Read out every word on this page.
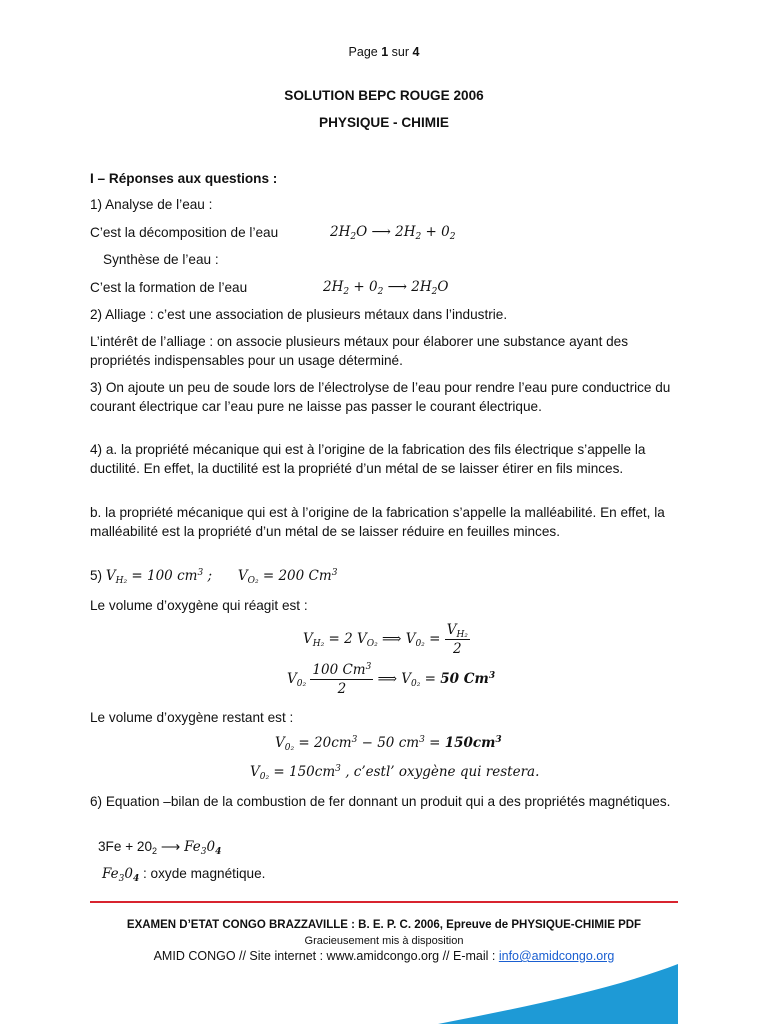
Page 1 sur 4
SOLUTION BEPC ROUGE 2006
PHYSIQUE - CHIMIE
I – Réponses aux questions :
1) Analyse de l’eau :
C’est la décomposition de l’eau	$2H_2O$ ⟶ $2H_2 + 0_2$
Synthèse de l’eau :
C’est la formation de l’eau	$2H_2 + 0_2$ ⟶ $2H_2O$
2) Alliage : c’est une association de plusieurs métaux dans l’industrie.
L’intérêt de l’alliage : on associe plusieurs métaux pour élaborer une substance ayant des propriétés indispensables pour un usage déterminé.
3) On ajoute un peu de soude lors de l’électrolyse de l’eau pour rendre l’eau pure conductrice du courant électrique car l’eau pure ne laisse pas passer le courant électrique.
4) a. la propriété mécanique qui est à l’origine de la fabrication des fils électrique s’appelle la ductilité. En effet, la ductilité est la propriété d’un métal de se laisser étirer en fils minces.
b. la propriété mécanique qui est à l’origine de la fabrication s’appelle la malléabilité. En effet, la malléabilité est la propriété d’un métal de se laisser réduire en feuilles minces.
5) $V_{H_2} = 100$ $cm^3$ ; $V_{O_2} = 200$ Cm$^3$
Le volume d’oxygène qui réagit est :
$V_{H_2} = 2$ $V_{O_2}$ ⟹ $V_{0_2} = \frac{V_{H_2}}{2}$
$V_{0_2} \frac{100 Cm^3}{2}$ ⟹ $V_{0_2} = 50$ Cm$^3$
Le volume d’oxygène restant est :
$V_{0_2} = 20cm^3 - 50$ $cm^3 = 150cm^3$
$V_{0_2} = 150cm^3$ , c’estl’ oxygène qui restera.
6) Equation –bilan de la combustion de fer donnant un produit qui a des propriétés magnétiques.
$3Fe + 20_2$ ⟶ $Fe_30_4$
$Fe_30_4$ : oxyde magnétique.
EXAMEN D’ETAT CONGO BRAZZAVILLE : B. E. P. C. 2006, Epreuve de PHYSIQUE-CHIMIE PDF
Gracieusement mis à disposition
AMID CONGO // Site internet : www.amidcongo.org // E-mail : info@amidcongo.org
